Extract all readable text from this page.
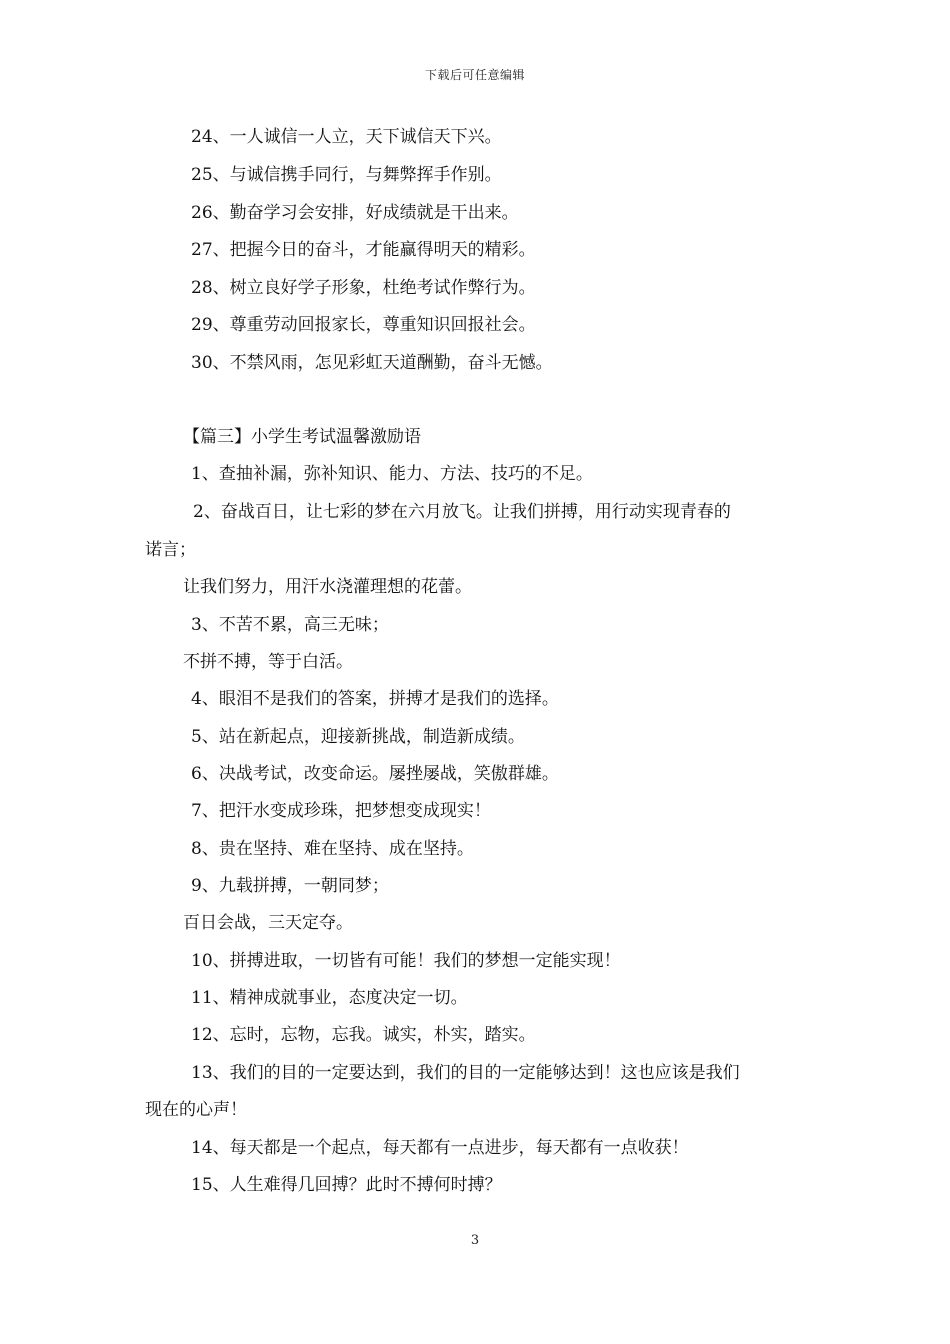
下载后可任意编辑
24、一人诚信一人立，天下诚信天下兴。
25、与诚信携手同行，与舞弊挥手作别。
26、勤奋学习会安排，好成绩就是干出来。
27、把握今日的奋斗，才能赢得明天的精彩。
28、树立良好学子形象，杜绝考试作弊行为。
29、尊重劳动回报家长，尊重知识回报社会。
30、不禁风雨，怎见彩虹天道酬勤，奋斗无憾。
【篇三】小学生考试温馨激励语
1、查抽补漏，弥补知识、能力、方法、技巧的不足。
2、奋战百日，让七彩的梦在六月放飞。让我们拼搏，用行动实现青春的
诺言；
让我们努力，用汗水浇灌理想的花蕾。
3、不苦不累，高三无味；
不拼不搏，等于白活。
4、眼泪不是我们的答案，拼搏才是我们的选择。
5、站在新起点，迎接新挑战，制造新成绩。
6、决战考试，改变命运。屡挫屡战，笑傲群雄。
7、把汗水变成珍珠，把梦想变成现实！
8、贵在坚持、难在坚持、成在坚持。
9、九载拼搏，一朝同梦；
百日会战，三天定夺。
10、拼搏进取，一切皆有可能！我们的梦想一定能实现！
11、精神成就事业，态度决定一切。
12、忘时，忘物，忘我。诚实，朴实，踏实。
13、我们的目的一定要达到，我们的目的一定能够达到！这也应该是我们
现在的心声！
14、每天都是一个起点，每天都有一点进步，每天都有一点收获！
15、人生难得几回搏？此时不搏何时搏？
3
